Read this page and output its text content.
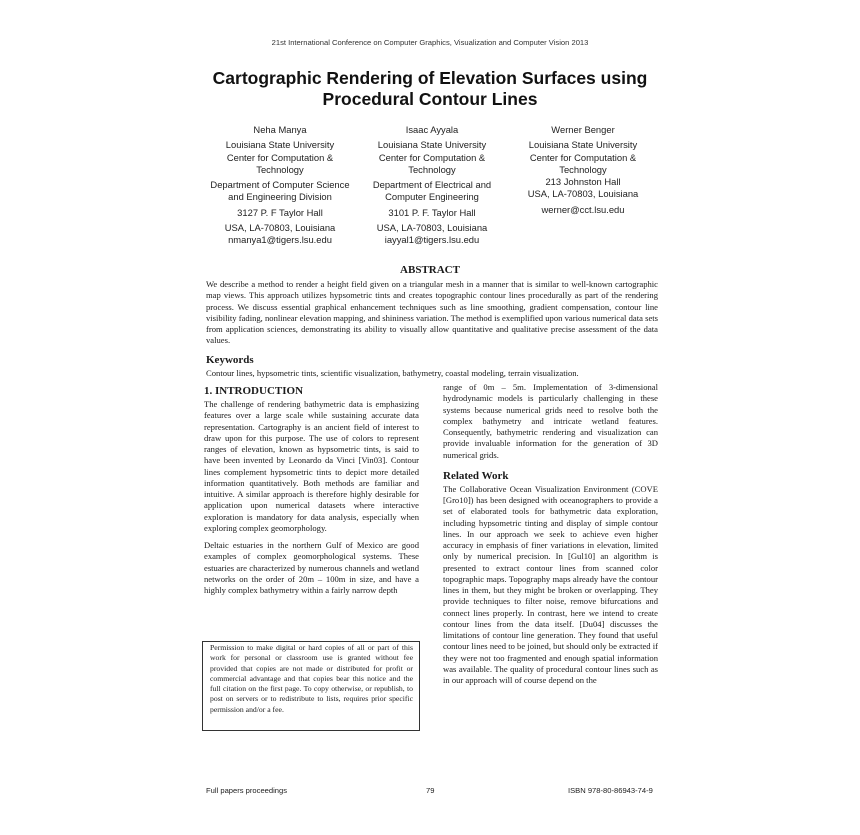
21st International Conference on Computer Graphics, Visualization and Computer Vision 2013
Cartographic Rendering of Elevation Surfaces using
Procedural Contour Lines
Neha Manya
Louisiana State University
Center for Computation &
Technology
Department of Computer Science
and Engineering Division
3127 P. F Taylor Hall
USA, LA-70803, Louisiana
nmanya1@tigers.lsu.edu
Isaac Ayyala
Louisiana State University
Center for Computation &
Technology
Department of Electrical and
Computer Engineering
3101 P. F. Taylor Hall
USA, LA-70803, Louisiana
iayyal1@tigers.lsu.edu
Werner Benger
Louisiana State University
Center for Computation &
Technology
213 Johnston Hall
USA, LA-70803, Louisiana
werner@cct.lsu.edu
ABSTRACT
We describe a method to render a height field given on a triangular mesh in a manner that is similar to well-known cartographic map views. This approach utilizes hypsometric tints and creates topographic contour lines procedurally as part of the rendering process. We discuss essential graphical enhancement techniques such as line smoothing, gradient compensation, contour line visibility fading, nonlinear elevation mapping, and shininess variation. The method is exemplified upon various numerical data sets from application sciences, demonstrating its ability to visually allow quantitative and qualitative precise assessment of the data values.
Keywords
Contour lines, hypsometric tints, scientific visualization, bathymetry, coastal modeling, terrain visualization.
1. INTRODUCTION

The challenge of rendering bathymetric data is emphasizing features over a large scale while sustaining accurate data representation. Cartography is an ancient field of interest to draw upon for this purpose. The use of colors to represent ranges of elevation, known as hypsometric tints, is said to have been invented by Leonardo da Vinci [Vin03]. Contour lines complement hypsometric tints to depict more detailed information quantitatively. Both methods are familiar and intuitive. A similar approach is therefore highly desirable for application upon numerical datasets where interactive exploration is mandatory for data analysis, especially when exploring complex geomorphology.

Deltaic estuaries in the northern Gulf of Mexico are good examples of complex geomorphological systems. These estuaries are characterized by numerous channels and wetland networks on the order of 20m – 100m in size, and have a highly complex bathymetry within a fairly narrow depth

Permission to make digital or hard copies of all or part of this work for personal or classroom use is granted without fee provided that copies are not made or distributed for profit or commercial advantage and that copies bear this notice and the full citation on the first page. To copy otherwise, or republish, to post on servers or to redistribute to lists, requires prior specific permission and/or a fee.

range of 0m – 5m. Implementation of 3-dimensional hydrodynamic models is particularly challenging in these systems because numerical grids need to resolve both the complex bathymetry and intricate wetland features. Consequently, bathymetric rendering and visualization can provide invaluable information for the generation of 3D numerical grids.

Related Work

The Collaborative Ocean Visualization Environment (COVE [Gro10]) has been designed with oceanographers to provide a set of elaborated tools for bathymetric data exploration, including hypsometric tinting and display of simple contour lines. In our approach we seek to achieve even higher accuracy in emphasis of finer variations in elevation, limited only by numerical precision. In [Gul10] an algorithm is presented to extract contour lines from scanned color topographic maps. Topography maps already have the contour lines in them, but they might be broken or overlapping. They provide techniques to filter noise, remove bifurcations and connect lines properly. In contrast, here we intend to create contour lines from the data itself. [Du04] discusses the limitations of contour line generation. They found that useful contour lines need to be joined, but should only be extracted if they were not too fragmented and enough spatial information was available. The quality of procedural contour lines such as in our approach will of course depend on the

Full papers proceedings	79	ISBN 978-80-86943-74-9
